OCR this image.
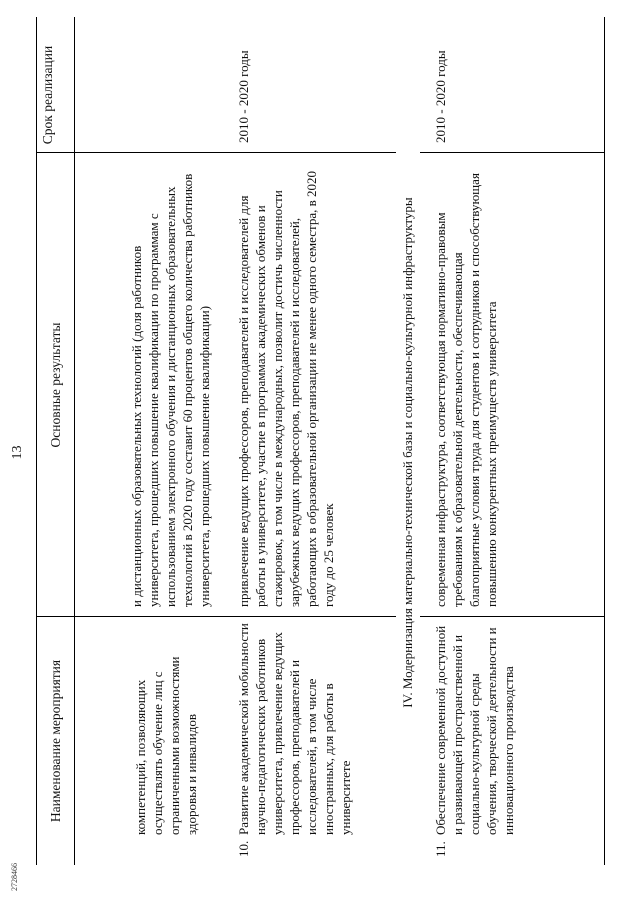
13
2728466
Наименование мероприятия
Основные результаты
Срок реализации
компетенций, позволяющих осуществлять обучение лиц с ограниченными возможностями здоровья и инвалидов
и дистанционных образовательных технологий (доля работников университета, прошедших повышение квалификации по программам с использованием электронного обучения и дистанционных образовательных технологий в 2020 году составит 60 процентов общего количества работников университета, прошедших повышение квалификации)
10.
Развитие академической мобильности научно-педагогических работников университета, привлечение ведущих профессоров, преподавателей и исследователей, в том числе иностранных, для работы в университете
привлечение ведущих профессоров, преподавателей и исследователей для работы в университете, участие в программах академических обменов и стажировок, в том числе в международных, позволит достичь численности зарубежных ведущих профессоров, преподавателей и исследователей, работающих в образовательной организации не менее одного семестра, в 2020 году до 25 человек
2010 - 2020 годы
IV. Модернизация материально-технической базы и социально-культурной инфраструктуры
11.
Обеспечение современной доступной и развивающей пространственной и социально-культурной среды обучения, творческой деятельности и инновационного производства
современная инфраструктура, соответствующая нормативно-правовым требованиям к образовательной деятельности, обеспечивающая благоприятные условия труда для студентов и сотрудников и способствующая повышению конкурентных преимуществ университета
2010 - 2020 годы
